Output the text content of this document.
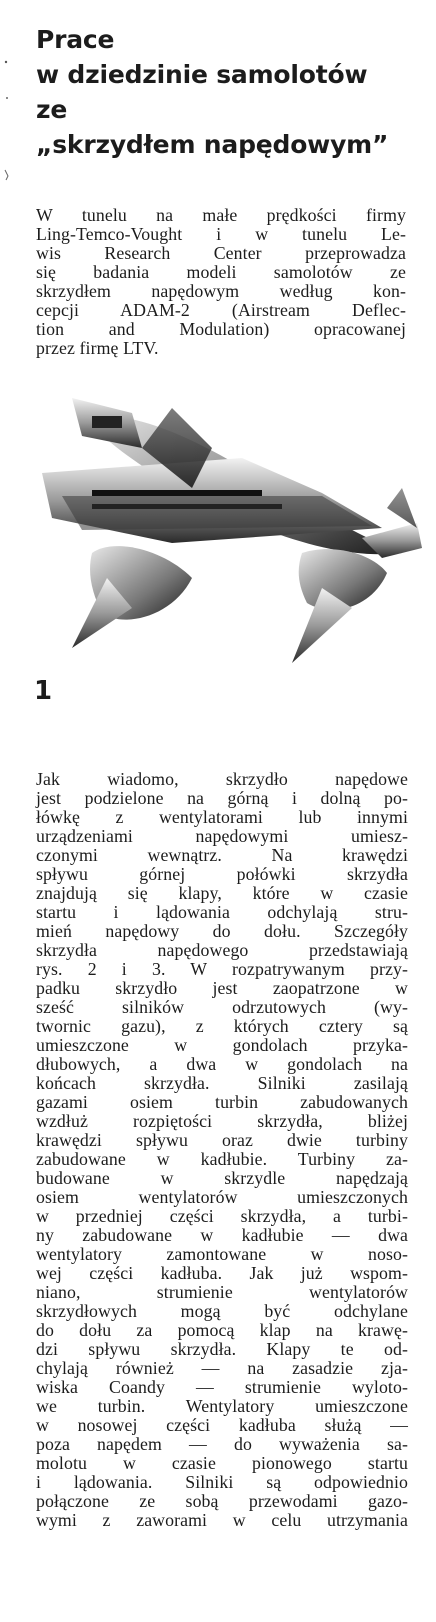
Prace
w dziedzinie samolotów
ze
„skrzydłem napędowym”

W tunelu na małe prędkości firmy
Ling-Temco-Vought i w tunelu Le-
wis Research Center przeprowadza
się badania modeli samolotów ze
skrzydłem napędowym według kon-
cepcji ADAM-2 (Airstream Deflec-
tion and Modulation) opracowanej
przez firmę LTV.

1

Jak wiadomo, skrzydło napędowe
jest podzielone na górną i dolną po-
łówkę z wentylatorami lub innymi
urządzeniami napędowymi umiesz-
czonymi wewnątrz. Na krawędzi
spływu górnej połówki skrzydła
znajdują się klapy, które w czasie
startu i lądowania odchylają stru-
mień napędowy do dołu. Szczegóły
skrzydła napędowego przedstawiają
rys. 2 i 3. W rozpatrywanym przy-
padku skrzydło jest zaopatrzone w
sześć silników odrzutowych (wy-
twornic gazu), z których cztery są
umieszczone w gondolach przyka-
dłubowych, a dwa w gondolach na
końcach skrzydła. Silniki zasilają
gazami osiem turbin zabudowanych
wzdłuż rozpiętości skrzydła, bliżej
krawędzi spływu oraz dwie turbiny
zabudowane w kadłubie. Turbiny za-
budowane w skrzydle napędzają
osiem wentylatorów umieszczonych
w przedniej części skrzydła, a turbi-
ny zabudowane w kadłubie — dwa
wentylatory zamontowane w noso-
wej części kadłuba. Jak już wspom-
niano, strumienie wentylatorów
skrzydłowych mogą być odchylane
do dołu za pomocą klap na krawę-
dzi spływu skrzydła. Klapy te od-
chylają również — na zasadzie zja-
wiska Coandy — strumienie wyloto-
we turbin. Wentylatory umieszczone
w nosowej części kadłuba służą —
poza napędem — do wyważenia sa-
molotu w czasie pionowego startu
i lądowania. Silniki są odpowiednio
połączone ze sobą przewodami gazo-
wymi z zaworami w celu utrzymania
